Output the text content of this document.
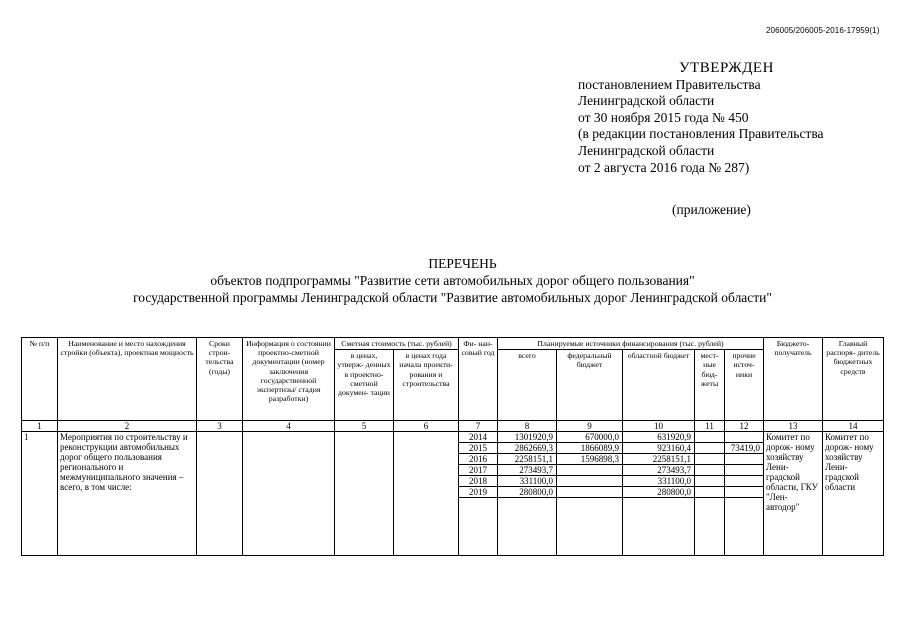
206005/206005-2016-17959(1)
УТВЕРЖДЕН
постановлением Правительства
Ленинградской области
от 30 ноября 2015 года № 450
(в редакции постановления Правительства
Ленинградской области
от 2 августа 2016 года № 287)
(приложение)
ПЕРЕЧЕНЬ
объектов подпрограммы "Развитие сети автомобильных дорог общего пользования"
государственной программы Ленинградской области "Развитие автомобильных дорог Ленинградской области"
№ п/п	Наименование и место нахождения стройки (объекта), проектная мощность	Сроки строи- тельства (годы)	Информация о состоянии проектно-сметной документации (номер заключения государственной экспертизы/ стадия разработки)	Сметная стоимость (тыс. рублей)		Фи- нан- совый год	Планируемые источники финансирования (тыс. рублей)					Бюджето- получатель	Главный распоря- дитель бюджетных средств
				в ценах, утверж- денных в проектно- сметной докумен- тации	в ценах года начала проекти- рования и строительства		всего	федеральный бюджет	областной бюджет	мест- ные бюд- жеты	прочие источ- ники		
1	2	3	4	5	6	7	8	9	10	11	12	13	14
1	Мероприятия по строительству и реконструкции автомобильных дорог общего пользования регионального и межмуниципального значения – всего, в том числе:					2014	1301920,9	670000,0	631920,9			Комитет по дорож- ному хозяйству Лени- градской области, ГКУ "Лен- автодор"	Комитет по дорож- ному хозяйству Лени- градской области
						2015	2862669,3	1866089,9	923160,4		73419,0		
						2016	2258151,1	1596898,3	2258151,1				
						2017	273493,7		273493,7				
						2018	331100,0		331100,0				
						2019	280800,0		280800,0				
